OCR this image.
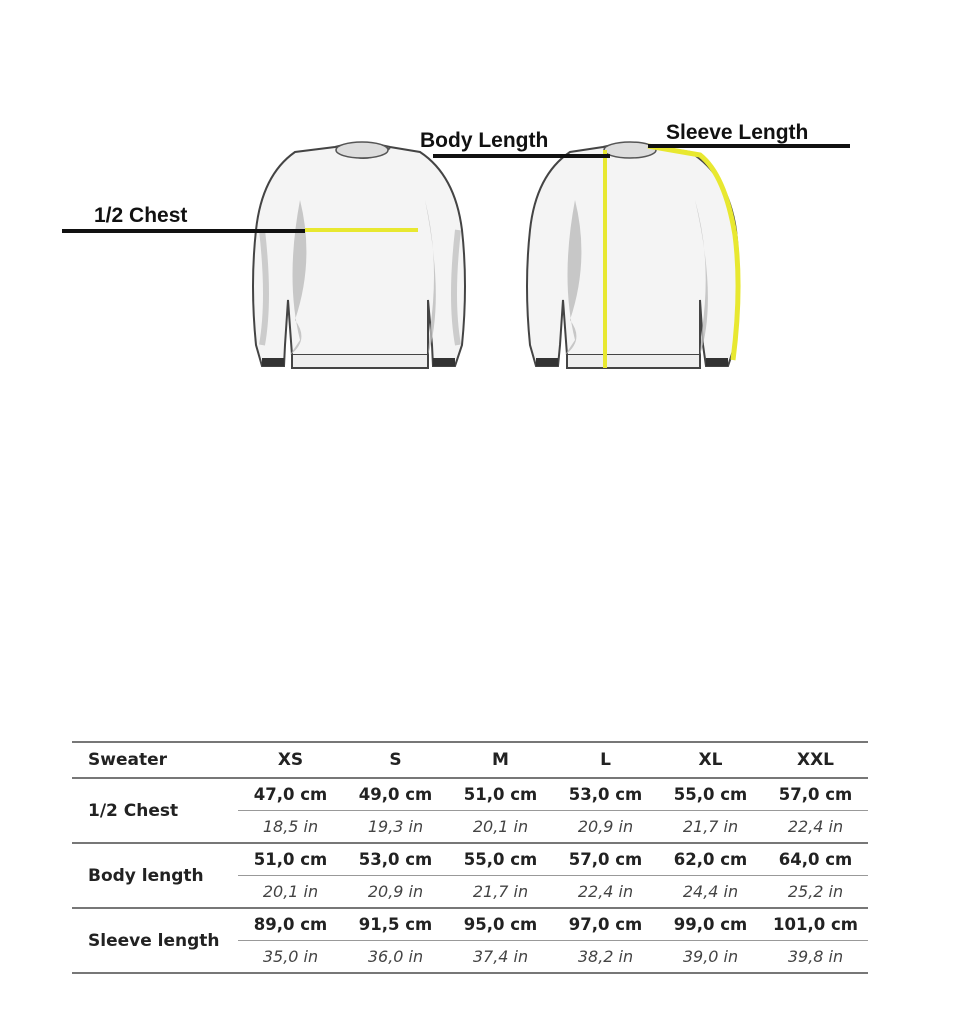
1/2 Chest
Body Length	Sleeve Length
Sweater	XS	S	M	L	XL	XXL
1/2 Chest	47,0 cm	49,0 cm	51,0 cm	53,0 cm	55,0 cm	57,0 cm
	18,5 in	19,3 in	20,1 in	20,9 in	21,7 in	22,4 in
Body length	51,0 cm	53,0 cm	55,0 cm	57,0 cm	62,0 cm	64,0 cm
	20,1 in	20,9 in	21,7 in	22,4 in	24,4 in	25,2 in
Sleeve length	89,0 cm	91,5 cm	95,0 cm	97,0 cm	99,0 cm	101,0 cm
	35,0 in	36,0 in	37,4 in	38,2 in	39,0 in	39,8 in
